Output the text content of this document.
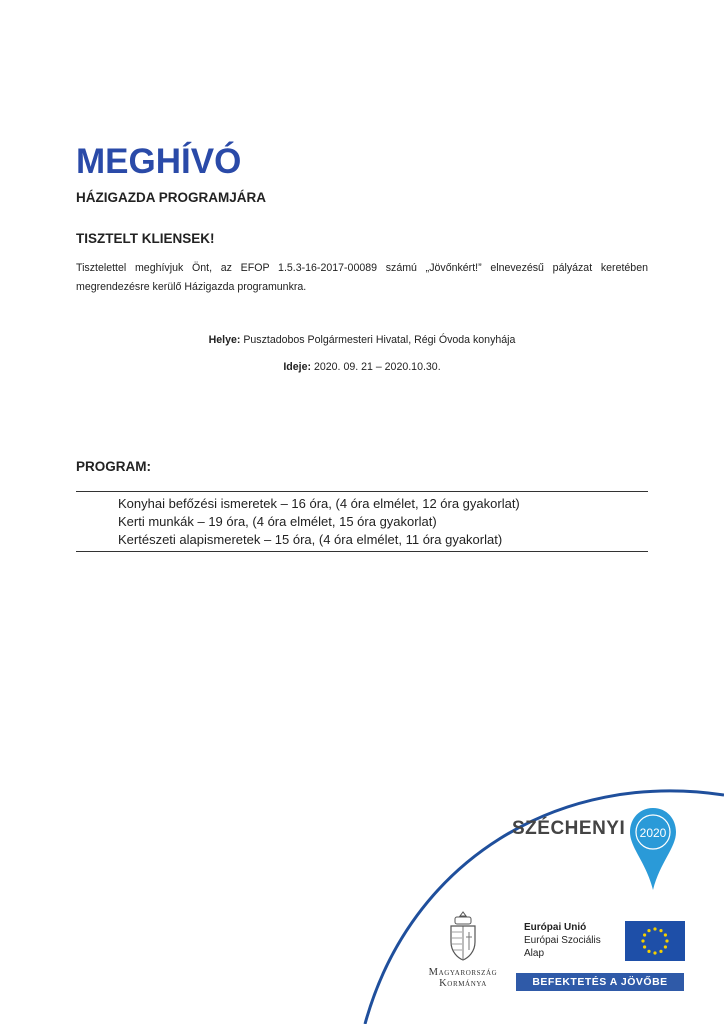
MEGHÍVÓ
HÁZIGAZDA PROGRAMJÁRA
TISZTELT KLIENSEK!
Tisztelettel meghívjuk Önt, az EFOP 1.5.3-16-2017-00089 számú „Jövőnkért!” elnevezésű pályázat keretében megrendezésre kerülő Házigazda programunkra.
Helye: Pusztadobos Polgármesteri Hivatal, Régi Óvoda konyhája
Ideje: 2020. 09. 21 – 2020.10.30.
PROGRAM:
Konyhai befőzési ismeretek – 16 óra, (4 óra elmélet, 12 óra gyakorlat)
Kerti munkák – 19 óra, (4 óra elmélet, 15 óra gyakorlat)
Kertészeti alapismeretek – 15 óra, (4 óra elmélet, 11 óra gyakorlat)
SZÉCHENYI 2020
Magyarország
Kormánya
Európai Unió
Európai Szociális
Alap
BEFEKTETÉS A JÖVŐBE
